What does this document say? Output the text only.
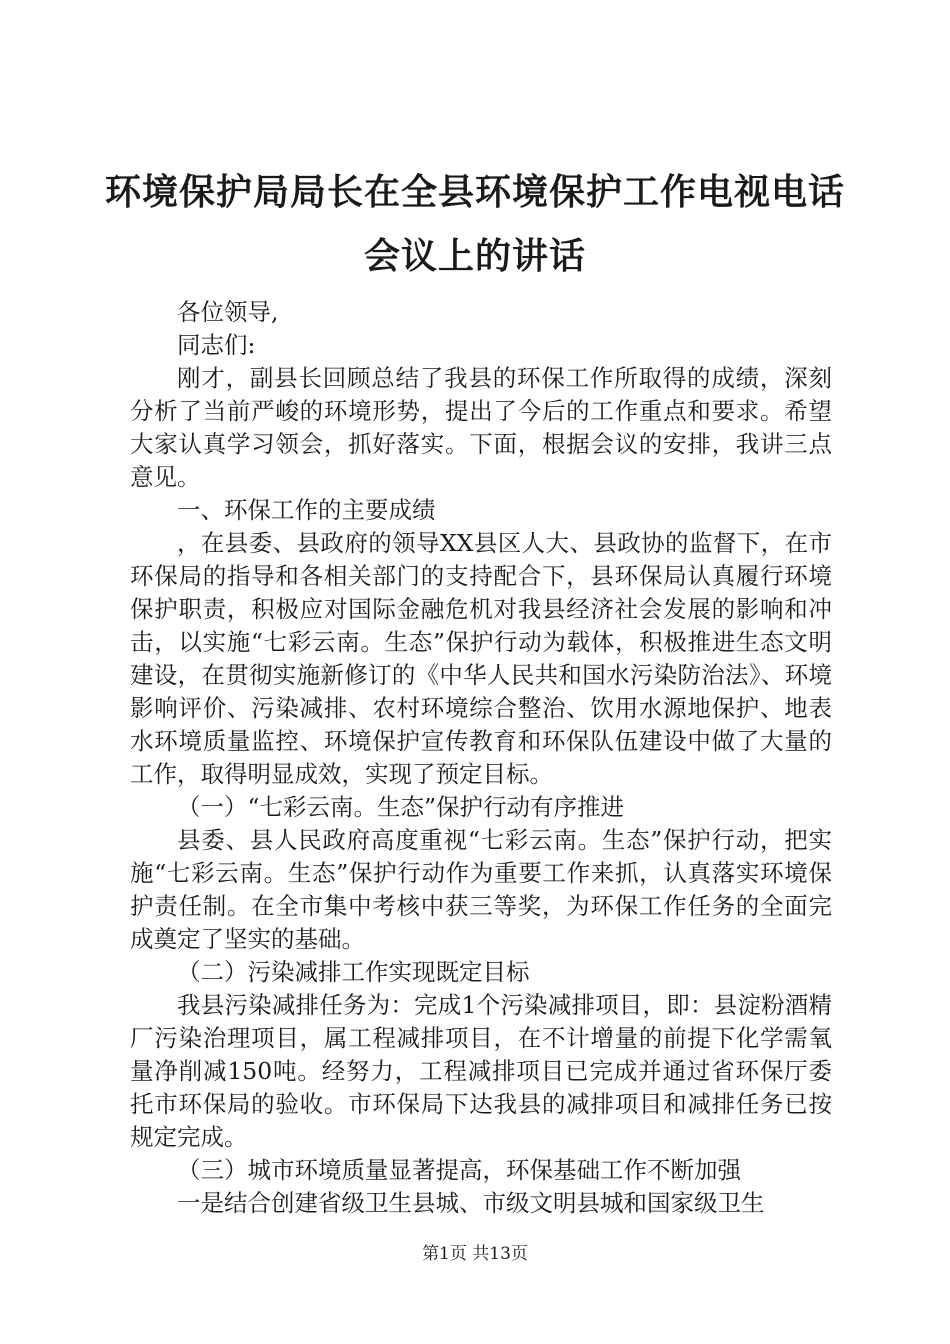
环境保护局局长在全县环境保护工作电视电话会议上的讲话

各位领导,

同志们:

刚才，副县长回顾总结了我县的环保工作所取得的成绩，深刻分析了当前严峻的环境形势，提出了今后的工作重点和要求。希望大家认真学习领会，抓好落实。下面，根据会议的安排，我讲三点意见。

一、环保工作的主要成绩

，在县委、县政府的领导XX县区人大、县政协的监督下，在市环保局的指导和各相关部门的支持配合下，县环保局认真履行环境保护职责，积极应对国际金融危机对我县经济社会发展的影响和冲击，以实施“七彩云南。生态”保护行动为载体，积极推进生态文明建设，在贯彻实施新修订的《中华人民共和国水污染防治法》、环境影响评价、污染减排、农村环境综合整治、饮用水源地保护、地表水环境质量监控、环境保护宣传教育和环保队伍建设中做了大量的工作，取得明显成效，实现了预定目标。

（一）“七彩云南。生态”保护行动有序推进

县委、县人民政府高度重视“七彩云南。生态”保护行动，把实施“七彩云南。生态”保护行动作为重要工作来抓，认真落实环境保护责任制。在全市集中考核中获三等奖，为环保工作任务的全面完成奠定了坚实的基础。

（二）污染减排工作实现既定目标

我县污染减排任务为：完成1个污染减排项目，即：县淀粉酒精厂污染治理项目，属工程减排项目，在不计增量的前提下化学需氧量净削减150吨。经努力，工程减排项目已完成并通过省环保厅委托市环保局的验收。市环保局下达我县的减排项目和减排任务已按规定完成。

（三）城市环境质量显著提高，环保基础工作不断加强

一是结合创建省级卫生县城、市级文明县城和国家级卫生

第1页 共13页
